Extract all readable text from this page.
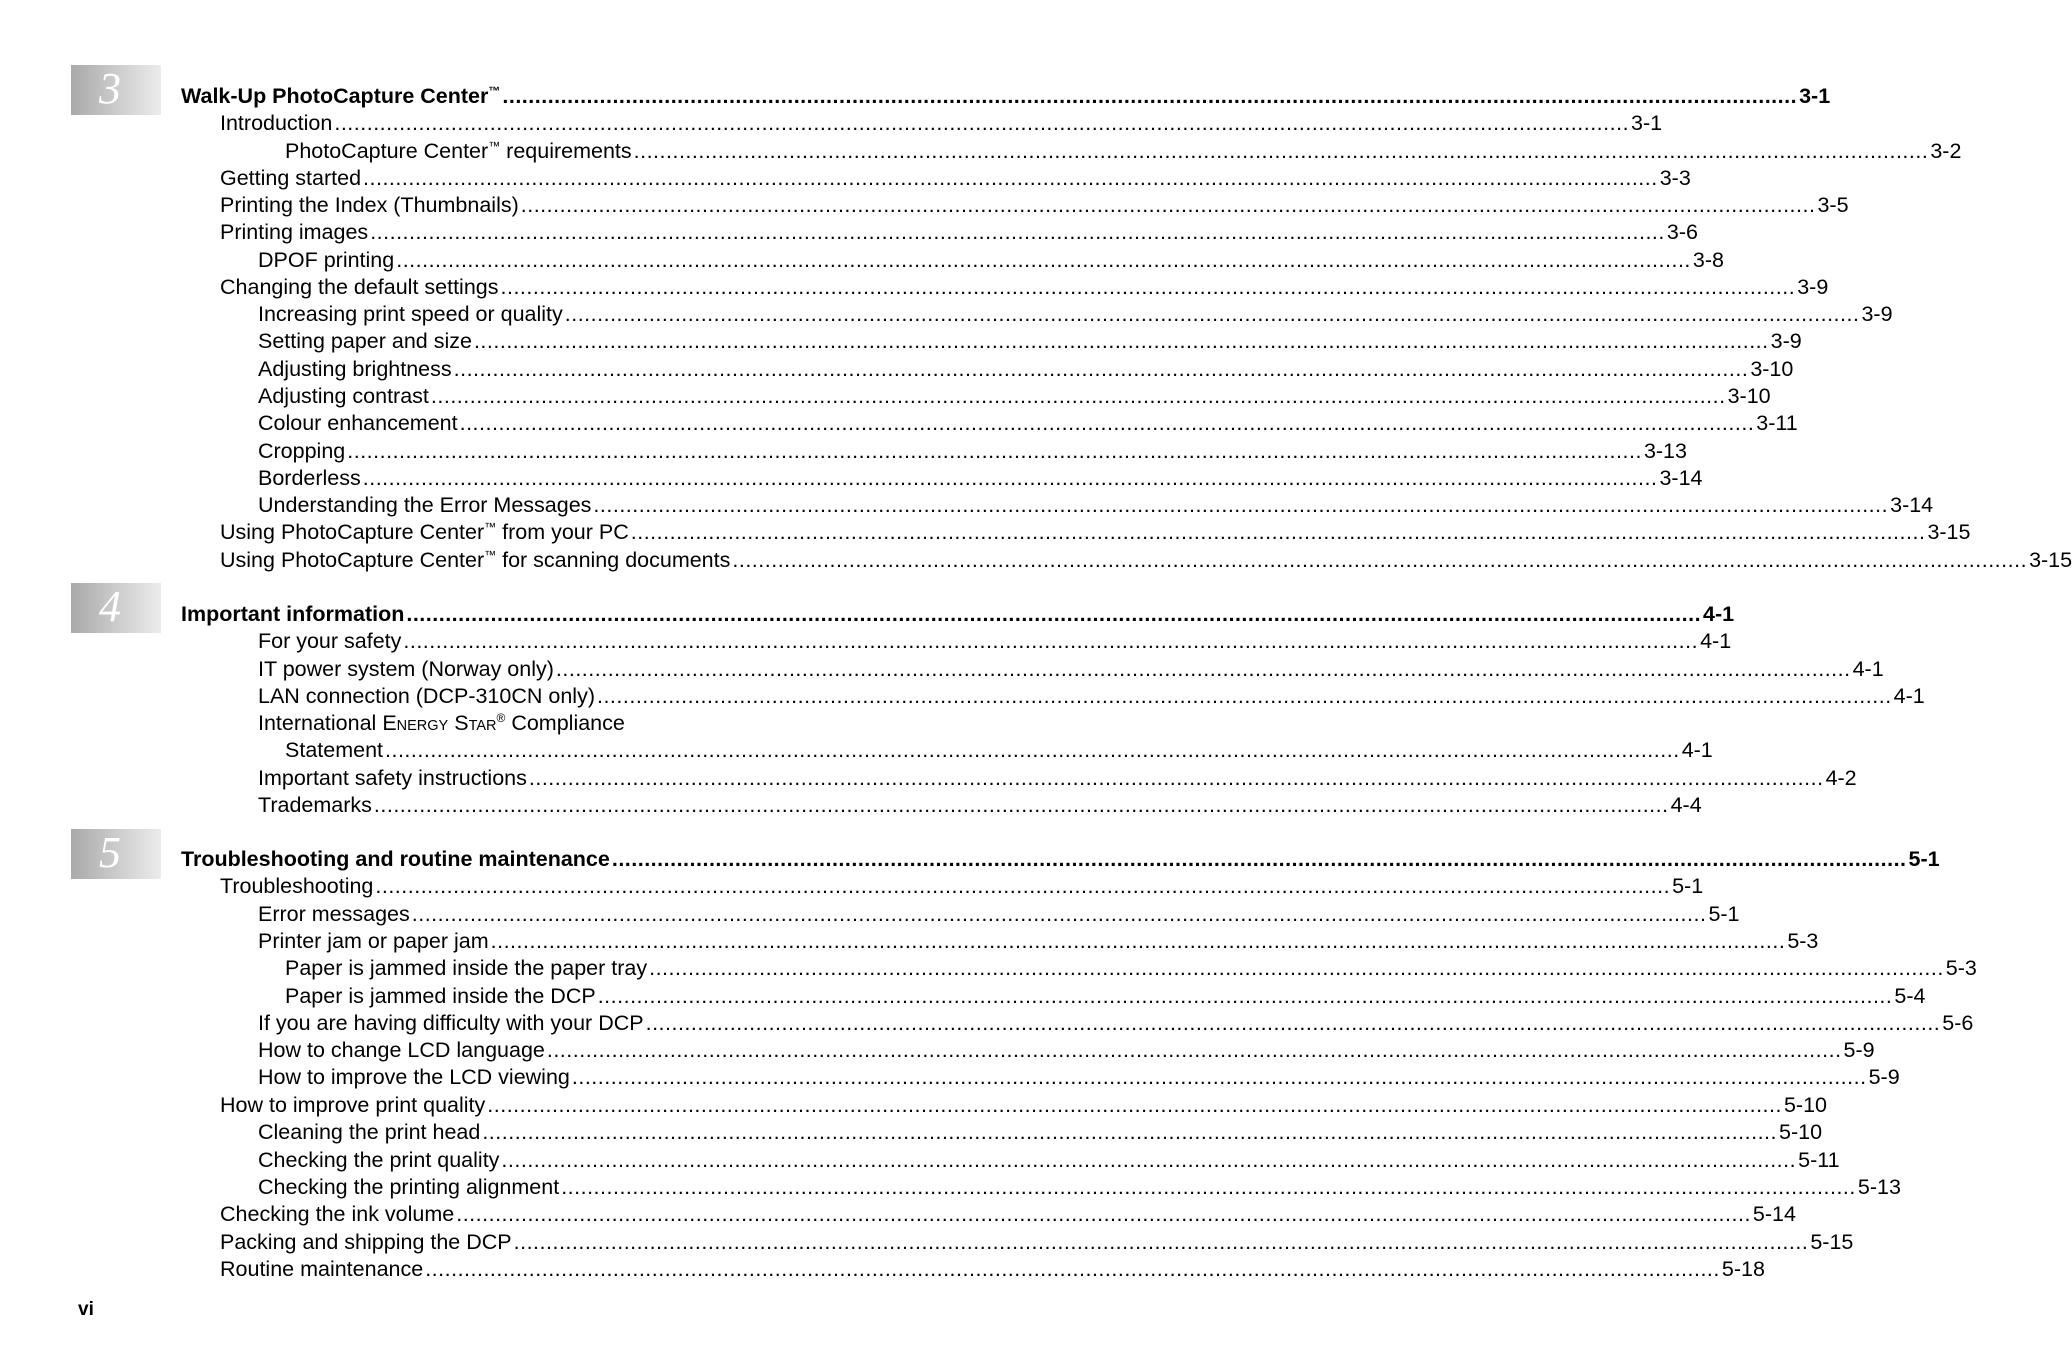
3
4
5
Walk-Up PhotoCapture Center™ ........................................................................................................................................................................................................ 3-1
Introduction ........................................................................................................................................................................................................ 3-1
PhotoCapture Center™ requirements ........................................................................................................................................................................................................ 3-2
Getting started ........................................................................................................................................................................................................ 3-3
Printing the Index (Thumbnails) ........................................................................................................................................................................................................ 3-5
Printing images ........................................................................................................................................................................................................ 3-6
DPOF printing ........................................................................................................................................................................................................ 3-8
Changing the default settings ........................................................................................................................................................................................................ 3-9
Increasing print speed or quality ........................................................................................................................................................................................................ 3-9
Setting paper and size ........................................................................................................................................................................................................ 3-9
Adjusting brightness ........................................................................................................................................................................................................ 3-10
Adjusting contrast ........................................................................................................................................................................................................ 3-10
Colour enhancement ........................................................................................................................................................................................................ 3-11
Cropping ........................................................................................................................................................................................................ 3-13
Borderless ........................................................................................................................................................................................................ 3-14
Understanding the Error Messages ........................................................................................................................................................................................................ 3-14
Using PhotoCapture Center™ from your PC ........................................................................................................................................................................................................ 3-15
Using PhotoCapture Center™ for scanning documents ........................................................................................................................................................................................................ 3-15
Important information ........................................................................................................................................................................................................ 4-1
For your safety ........................................................................................................................................................................................................ 4-1
IT power system (Norway only) ........................................................................................................................................................................................................ 4-1
LAN connection (DCP-310CN only) ........................................................................................................................................................................................................ 4-1
International ENERGY STAR® Compliance
Statement ........................................................................................................................................................................................................ 4-1
Important safety instructions ........................................................................................................................................................................................................ 4-2
Trademarks ........................................................................................................................................................................................................ 4-4
Troubleshooting and routine maintenance ........................................................................................................................................................................................................ 5-1
Troubleshooting ........................................................................................................................................................................................................ 5-1
Error messages ........................................................................................................................................................................................................ 5-1
Printer jam or paper jam ........................................................................................................................................................................................................ 5-3
Paper is jammed inside the paper tray ........................................................................................................................................................................................................ 5-3
Paper is jammed inside the DCP ........................................................................................................................................................................................................ 5-4
If you are having difficulty with your DCP ........................................................................................................................................................................................................ 5-6
How to change LCD language ........................................................................................................................................................................................................ 5-9
How to improve the LCD viewing ........................................................................................................................................................................................................ 5-9
How to improve print quality ........................................................................................................................................................................................................ 5-10
Cleaning the print head ........................................................................................................................................................................................................ 5-10
Checking the print quality ........................................................................................................................................................................................................ 5-11
Checking the printing alignment ........................................................................................................................................................................................................ 5-13
Checking the ink volume ........................................................................................................................................................................................................ 5-14
Packing and shipping the DCP ........................................................................................................................................................................................................ 5-15
Routine maintenance ........................................................................................................................................................................................................ 5-18
vi
